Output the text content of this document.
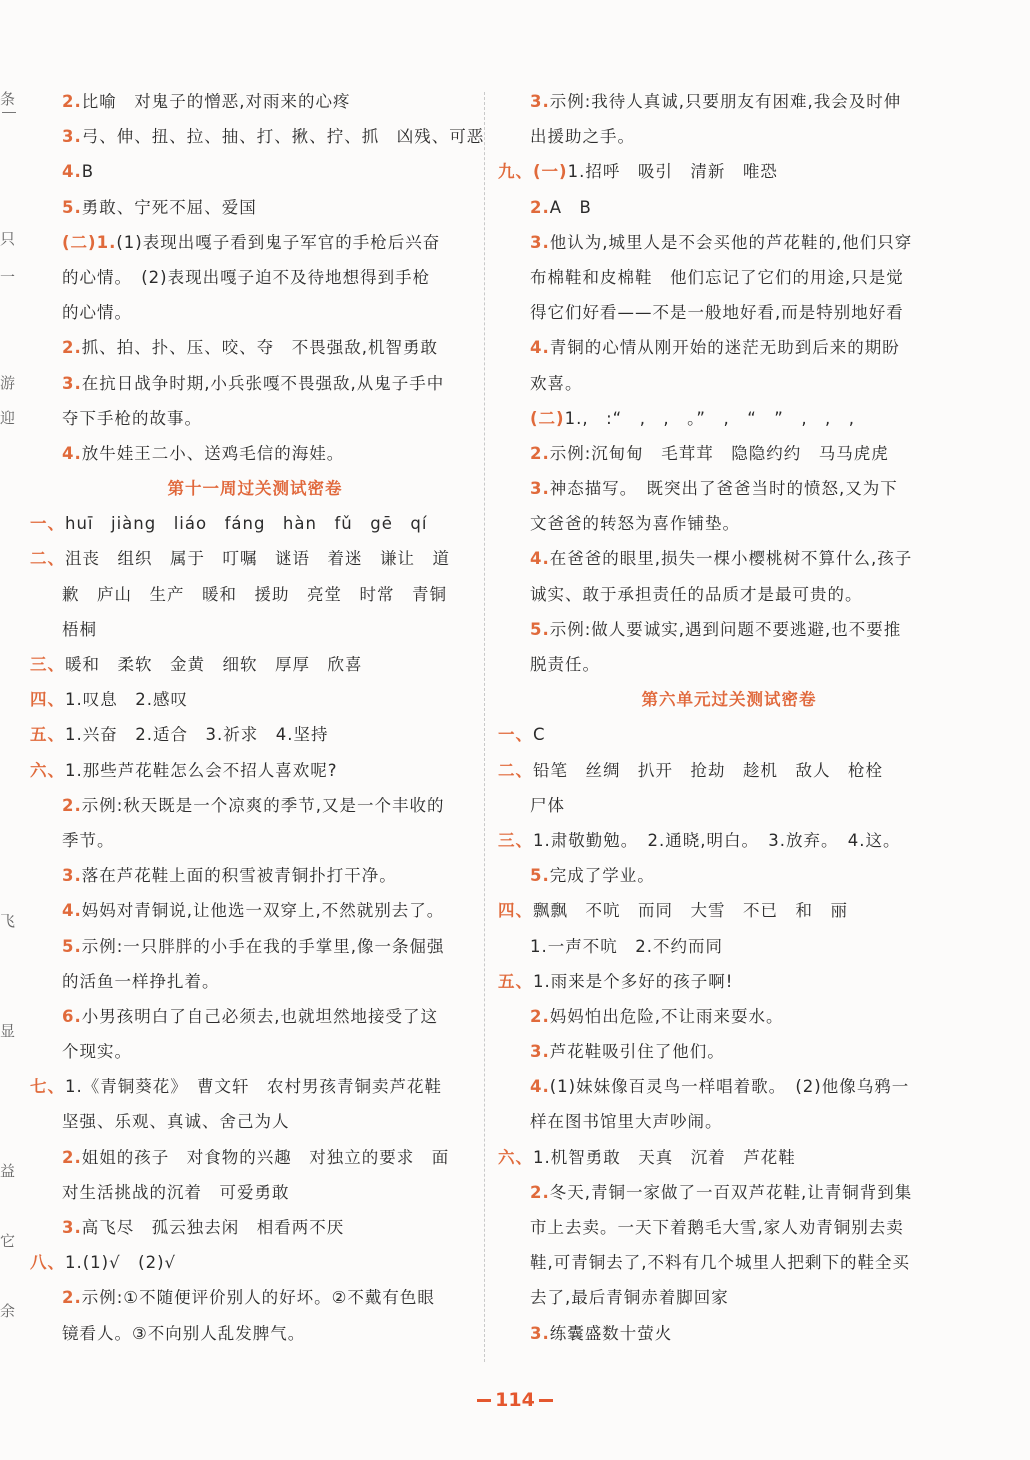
条
只
一
游
迎
飞
显
益
它
余
2.比喻　对鬼子的憎恶,对雨来的心疼
3.弓、伸、扭、拉、抽、打、揪、拧、抓　凶残、可恶
4.B
5.勇敢、宁死不屈、爱国
(二)1.(1)表现出嘎子看到鬼子军官的手枪后兴奋
的心情。　(2)表现出嘎子迫不及待地想得到手枪
的心情。
2.抓、拍、扑、压、咬、夺　不畏强敌,机智勇敢
3.在抗日战争时期,小兵张嘎不畏强敌,从鬼子手中
夺下手枪的故事。
4.放牛娃王二小、送鸡毛信的海娃。
第十一周过关测试密卷
一、huī　jiàng　liáo　fáng　hàn　fǔ　gē　qí
二、沮丧　组织　属于　叮嘱　谜语　着迷　谦让　道
歉　庐山　生产　暖和　援助　亮堂　时常　青铜
梧桐
三、暖和　柔软　金黄　细软　厚厚　欣喜
四、1.叹息　2.感叹
五、1.兴奋　2.适合　3.祈求　4.坚持
六、1.那些芦花鞋怎么会不招人喜欢呢?
2.示例:秋天既是一个凉爽的季节,又是一个丰收的
季节。
3.落在芦花鞋上面的积雪被青铜扑打干净。
4.妈妈对青铜说,让他选一双穿上,不然就别去了。
5.示例:一只胖胖的小手在我的手掌里,像一条倔强
的活鱼一样挣扎着。
6.小男孩明白了自己必须去,也就坦然地接受了这
个现实。
七、1.《青铜葵花》　曹文轩　农村男孩青铜卖芦花鞋
坚强、乐观、真诚、舍己为人
2.姐姐的孩子　对食物的兴趣　对独立的要求　面
对生活挑战的沉着　可爱勇敢
3.高飞尽　孤云独去闲　相看两不厌
八、1.(1)√　(2)√
2.示例:①不随便评价别人的好坏。②不戴有色眼
镜看人。③不向别人乱发脾气。
3.示例:我待人真诚,只要朋友有困难,我会及时伸
出援助之手。
九、(一)1.招呼　吸引　清新　唯恐
2.A　B
3.他认为,城里人是不会买他的芦花鞋的,他们只穿
布棉鞋和皮棉鞋　他们忘记了它们的用途,只是觉
得它们好看——不是一般地好看,而是特别地好看
4.青铜的心情从刚开始的迷茫无助到后来的期盼
欢喜。
(二)1.,　:“　,　,　。”　,　“　”　,　,　,
2.示例:沉甸甸　毛茸茸　隐隐约约　马马虎虎
3.神态描写。　既突出了爸爸当时的愤怒,又为下
文爸爸的转怒为喜作铺垫。
4.在爸爸的眼里,损失一棵小樱桃树不算什么,孩子
诚实、敢于承担责任的品质才是最可贵的。
5.示例:做人要诚实,遇到问题不要逃避,也不要推
脱责任。
第六单元过关测试密卷
一、C
二、铅笔　丝绸　扒开　抢劫　趁机　敌人　枪栓
尸体
三、1.肃敬勤勉。　2.通晓,明白。　3.放弃。　4.这。
5.完成了学业。
四、飘飘　不吭　而同　大雪　不已　和　丽
1.一声不吭　2.不约而同
五、1.雨来是个多好的孩子啊!
2.妈妈怕出危险,不让雨来耍水。
3.芦花鞋吸引住了他们。
4.(1)妹妹像百灵鸟一样唱着歌。　(2)他像乌鸦一
样在图书馆里大声吵闹。
六、1.机智勇敢　天真　沉着　芦花鞋
2.冬天,青铜一家做了一百双芦花鞋,让青铜背到集
市上去卖。一天下着鹅毛大雪,家人劝青铜别去卖
鞋,可青铜去了,不料有几个城里人把剩下的鞋全买
去了,最后青铜赤着脚回家
3.练囊盛数十萤火
114
